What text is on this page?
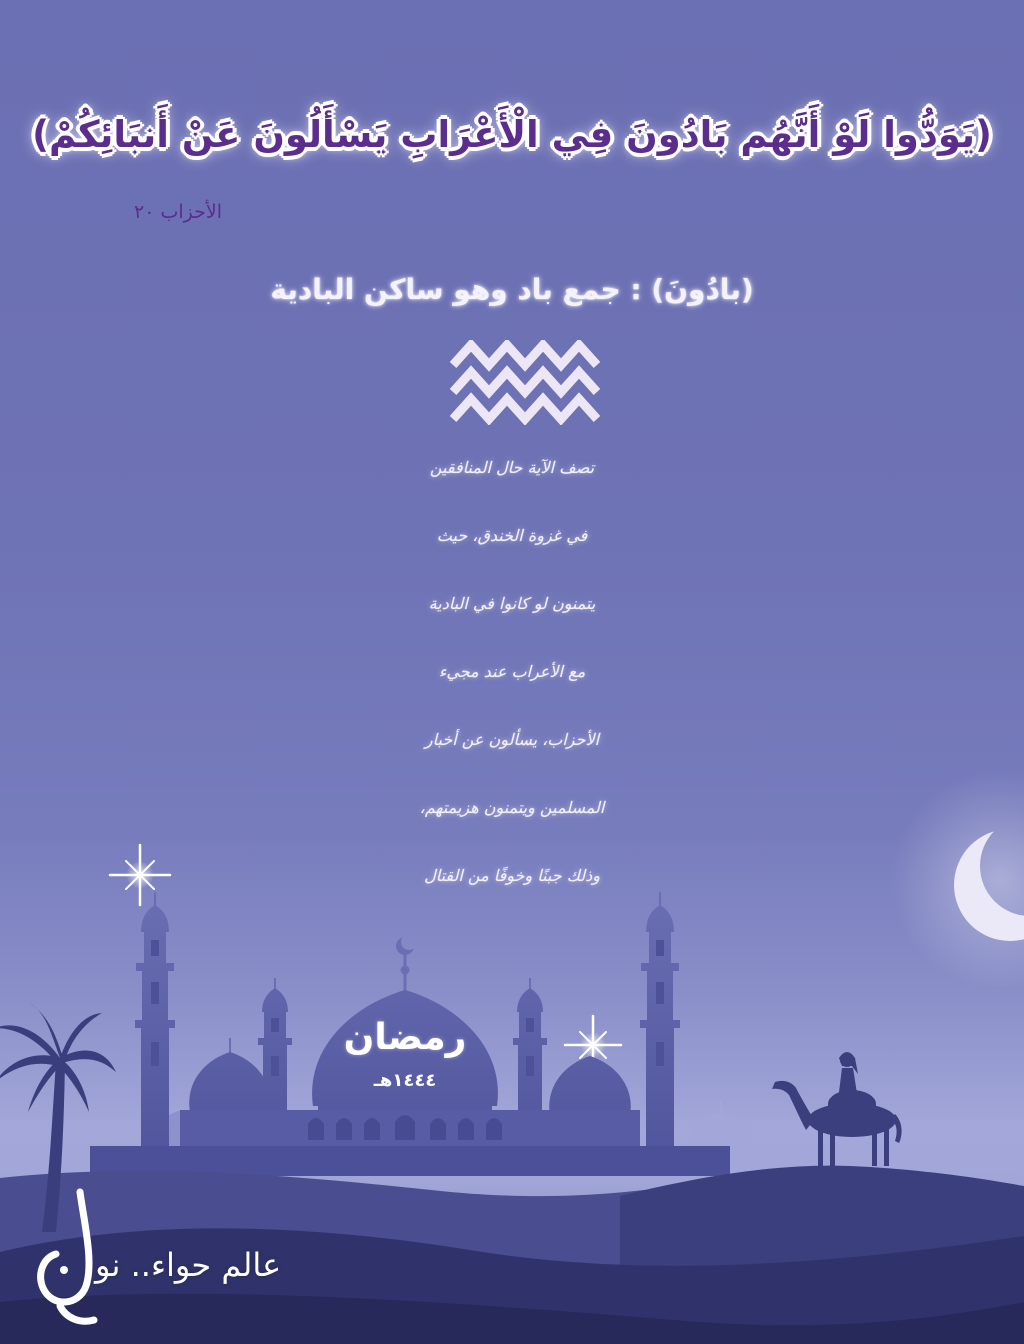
(يَوَدُّوا لَوْ أَنَّهُم بَادُونَ فِي الْأَعْرَابِ يَسْأَلُونَ عَنْ أَنبَائِكُمْ)
الأحزاب ٢٠
(بادُونَ) : جمع باد وهو ساكن البادية
تصف الآية حال المنافقين
في غزوة الخندق، حيث
يتمنون لو كانوا في البادية
مع الأعراب عند مجيء
الأحزاب، يسألون عن أخبار
المسلمين ويتمنون هزيمتهم،
وذلك جبنًا وخوفًا من القتال
رمضان
١٤٤٤هـ
عالم حواء.. نو
